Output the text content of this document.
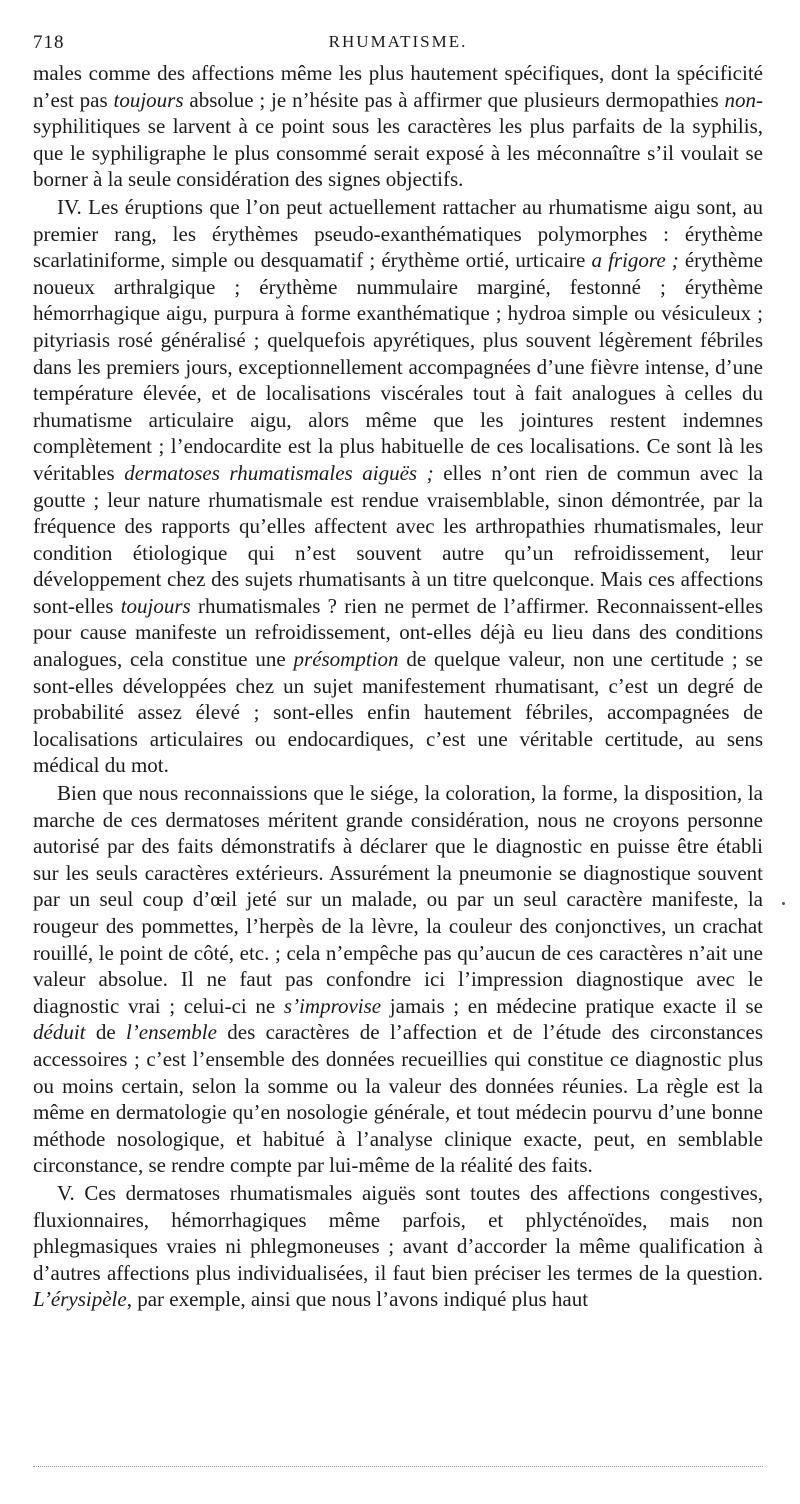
718	RHUMATISME.

males comme des affections même les plus hautement spécifiques, dont la spécificité n’est pas toujours absolue ; je n’hésite pas à affirmer que plusieurs dermopathies non-syphilitiques se larvent à ce point sous les caractères les plus parfaits de la syphilis, que le syphiligraphe le plus consommé serait exposé à les méconnaître s’il voulait se borner à la seule considération des signes objectifs.

IV. Les éruptions que l’on peut actuellement rattacher au rhumatisme aigu sont, au premier rang, les érythèmes pseudo-exanthématiques polymorphes : érythème scarlatiniforme, simple ou desquamatif ; érythème ortié, urticaire a frigore ; érythème noueux arthralgique ; érythème nummulaire marginé, festonné ; érythème hémorrhagique aigu, purpura à forme exanthématique ; hydroa simple ou vésiculeux ; pityriasis rosé généralisé ; quelquefois apyrétiques, plus souvent légèrement fébriles dans les premiers jours, exceptionnellement accompagnées d’une fièvre intense, d’une température élevée, et de localisations viscérales tout à fait analogues à celles du rhumatisme articulaire aigu, alors même que les jointures restent indemnes complètement ; l’endocardite est la plus habituelle de ces localisations. Ce sont là les véritables dermatoses rhumatismales aiguës ; elles n’ont rien de commun avec la goutte ; leur nature rhumatismale est rendue vraisemblable, sinon démontrée, par la fréquence des rapports qu’elles affectent avec les arthropathies rhumatismales, leur condition étiologique qui n’est souvent autre qu’un refroidissement, leur développement chez des sujets rhumatisants à un titre quelconque. Mais ces affections sont-elles toujours rhumatismales ? rien ne permet de l’affirmer. Reconnaissent-elles pour cause manifeste un refroidissement, ont-elles déjà eu lieu dans des conditions analogues, cela constitue une présomption de quelque valeur, non une certitude ; se sont-elles développées chez un sujet manifestement rhumatisant, c’est un degré de probabilité assez élevé ; sont-elles enfin hautement fébriles, accompagnées de localisations articulaires ou endocardiques, c’est une véritable certitude, au sens médical du mot.

Bien que nous reconnaissions que le siége, la coloration, la forme, la disposition, la marche de ces dermatoses méritent grande considération, nous ne croyons personne autorisé par des faits démonstratifs à déclarer que le diagnostic en puisse être établi sur les seuls caractères extérieurs. Assurément la pneumonie se diagnostique souvent par un seul coup d’œil jeté sur un malade, ou par un seul caractère manifeste, la rougeur des pommettes, l’herpès de la lèvre, la couleur des conjonctives, un crachat rouillé, le point de côté, etc. ; cela n’empêche pas qu’aucun de ces caractères n’ait une valeur absolue. Il ne faut pas confondre ici l’impression diagnostique avec le diagnostic vrai ; celui-ci ne s’improvise jamais ; en médecine pratique exacte il se déduit de l’ensemble des caractères de l’affection et de l’étude des circonstances accessoires ; c’est l’ensemble des données recueillies qui constitue ce diagnostic plus ou moins certain, selon la somme ou la valeur des données réunies. La règle est la même en dermatologie qu’en nosologie générale, et tout médecin pourvu d’une bonne méthode nosologique, et habitué à l’analyse clinique exacte, peut, en semblable circonstance, se rendre compte par lui-même de la réalité des faits.

V. Ces dermatoses rhumatismales aiguës sont toutes des affections congestives, fluxionnaires, hémorrhagiques même parfois, et phlycténoïdes, mais non phlegmasiques vraies ni phlegmoneuses ; avant d’accorder la même qualification à d’autres affections plus individualisées, il faut bien préciser les termes de la question. L’érysipèle, par exemple, ainsi que nous l’avons indiqué plus haut
